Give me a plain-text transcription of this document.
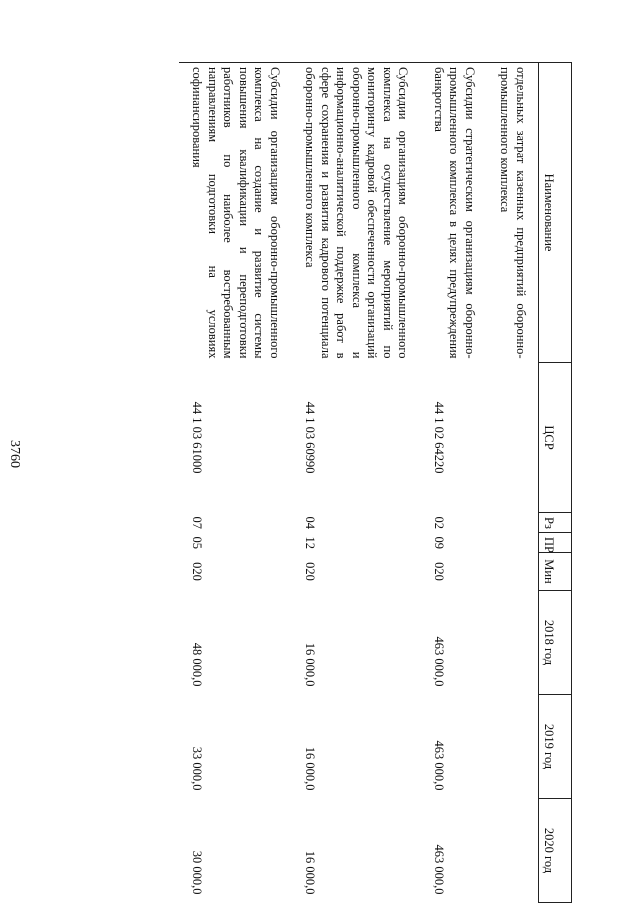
3760
Наименование	ЦСР	Рз	ПР	Мин	2018 год	2019 год	2020 год
отдельных затрат казенных предприятий оборонно-промышленного комплекса							
Субсидии стратегическим организациям оборонно-промышленного комплекса в целях предупреждения банкротства	44 1 02 64220	02	09	020	463 000,0	463 000,0	463 000,0
Субсидии организациям оборонно-промышленного комплекса на осуществление мероприятий по мониторингу кадровой обеспеченности организаций оборонно-промышленного комплекса и информационно-аналитической поддержке работ в сфере сохранения и развития кадрового потенциала оборонно-промышленного комплекса	44 1 03 60990	04	12	020	16 000,0	16 000,0	16 000,0
Субсидии организациям оборонно-промышленного комплекса на создание и развитие системы повышения квалификации и переподготовки работников по наиболее востребованным направлениям подготовки на условиях софинансирования	44 1 03 61000	07	05	020	48 000,0	33 000,0	30 000,0
